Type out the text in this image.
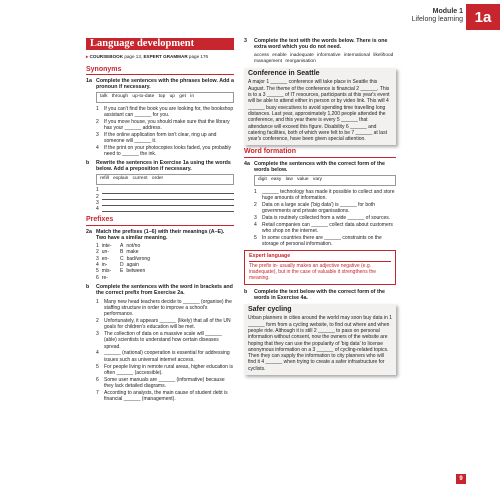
Module 1
Lifelong learning 1a
Language development
▸ COURSEBOOK page 13, EXPERT GRAMMAR page 176
Synonyms
1a Complete the sentences with the phrases below. Add a pronoun if necessary.
talk through up-to-date top up get in
1	If you can't find the book you are looking for, the bookshop assistant can ______ for you.
2	If you move house, you should make sure that the library has your ______ address.
3	If the online application form isn't clear, ring up and someone will ______ it.
4	If the print on your photocopies looks faded, you probably need to ______ the ink.
b	Rewrite the sentences in Exercise 1a using the words below. Add a preposition if necessary.
refill explain current order
1
2
3
4
Prefixes
2a Match the prefixes (1–6) with their meanings (A–E). Two have a similar meaning.
1 inte-	A not/no
2 un-	B make
3 en-	C bad/wrong
4 in-	D again
5 mis-	E between
6 re-
b	Complete the sentences with the word in brackets and the correct prefix from Exercise 2a.
1	Many new head teachers decide to ______ (organise) the staffing structure in order to improve a school's performance.
2	Unfortunately, it appears ______ (likely) that all of the UN goals for children's education will be met.
3	The collection of data on a massive scale will ______ (able) scientists to understand how certain diseases spread.
4	______ (national) cooperation is essential for addressing issues such as universal internet access.
5	For people living in remote rural areas, higher education is often ______ (accessible).
6	Some user manuals are ______ (informative) because they lack detailed diagrams.
7	According to analysts, the main cause of student debt is financial ______ (management).
3	Complete the text with the words below. There is one extra word which you do not need.
access enable inadequate informative international likelihood management reorganisation
Conference in Seattle

A major 1 ______ conference will take place in Seattle this August. The theme of the conference is financial 2 ______. This is to a 3 ______ of IT resources, participants at this year's event will be able to attend either in person or by video link. This will 4 ______ busy executives to avoid spending time travelling long distances. Last year, approximately 1,200 people attended the conference, and this year there is every 5 ______ that attendance will exceed this figure. Disability 6 ______ and catering facilities, both of which were felt to be 7 ______ at last year's conference, have been given special attention.

Word formation
4a Complete the sentences with the correct form of the words below.
digit easy law value vary
1	______ technology has made it possible to collect and store huge amounts of information.
2	Data on a large scale ('big data') is ______ for both governments and private organisations.
3	Data is routinely collected from a wide ______ of sources.
4	Retail companies can ______ collect data about customers who shop on the internet.
5	In some countries there are ______ constraints on the storage of personal information.
Expert language
The prefix in- usually makes an adjective negative (e.g. inadequate), but in the case of valuable it strengthens the meaning.
b	Complete the text below with the correct form of the words in Exercise 4a.
Safer cycling

Urban planners in cities around the world may soon buy data in 1 ______ form from a cycling website, to find out where and when people ride. Although it is still 2 ______ to pass on personal information without consent, now the owners of the website are hoping that they can use the popularity of 'big data' to license anonymous information on a 3 ______ of cycling-related topics. Then they can supply the information to city planners who will find it 4 ______ when trying to create a safer infrastructure for cyclists.

9
